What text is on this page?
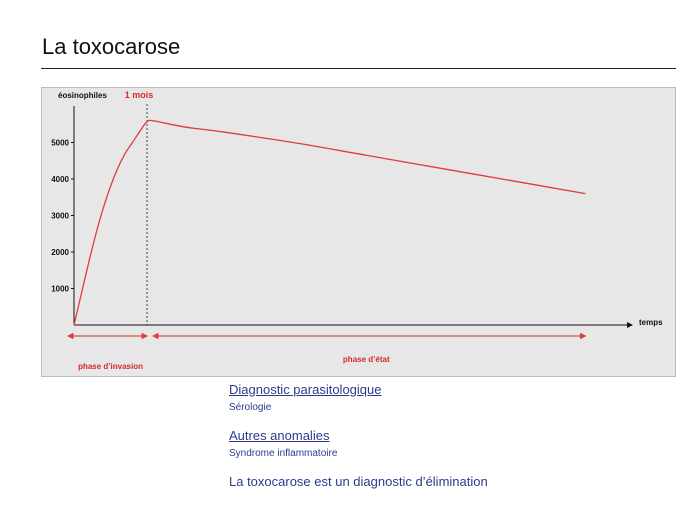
La toxocarose
éosinophiles
temps
1000
2000
3000
4000
5000
1 mois
phase d’invasion
phase d’état
Diagnostic parasitologique
Sérologie
Autres anomalies
Syndrome inflammatoire
La toxocarose est un diagnostic d’élimination
